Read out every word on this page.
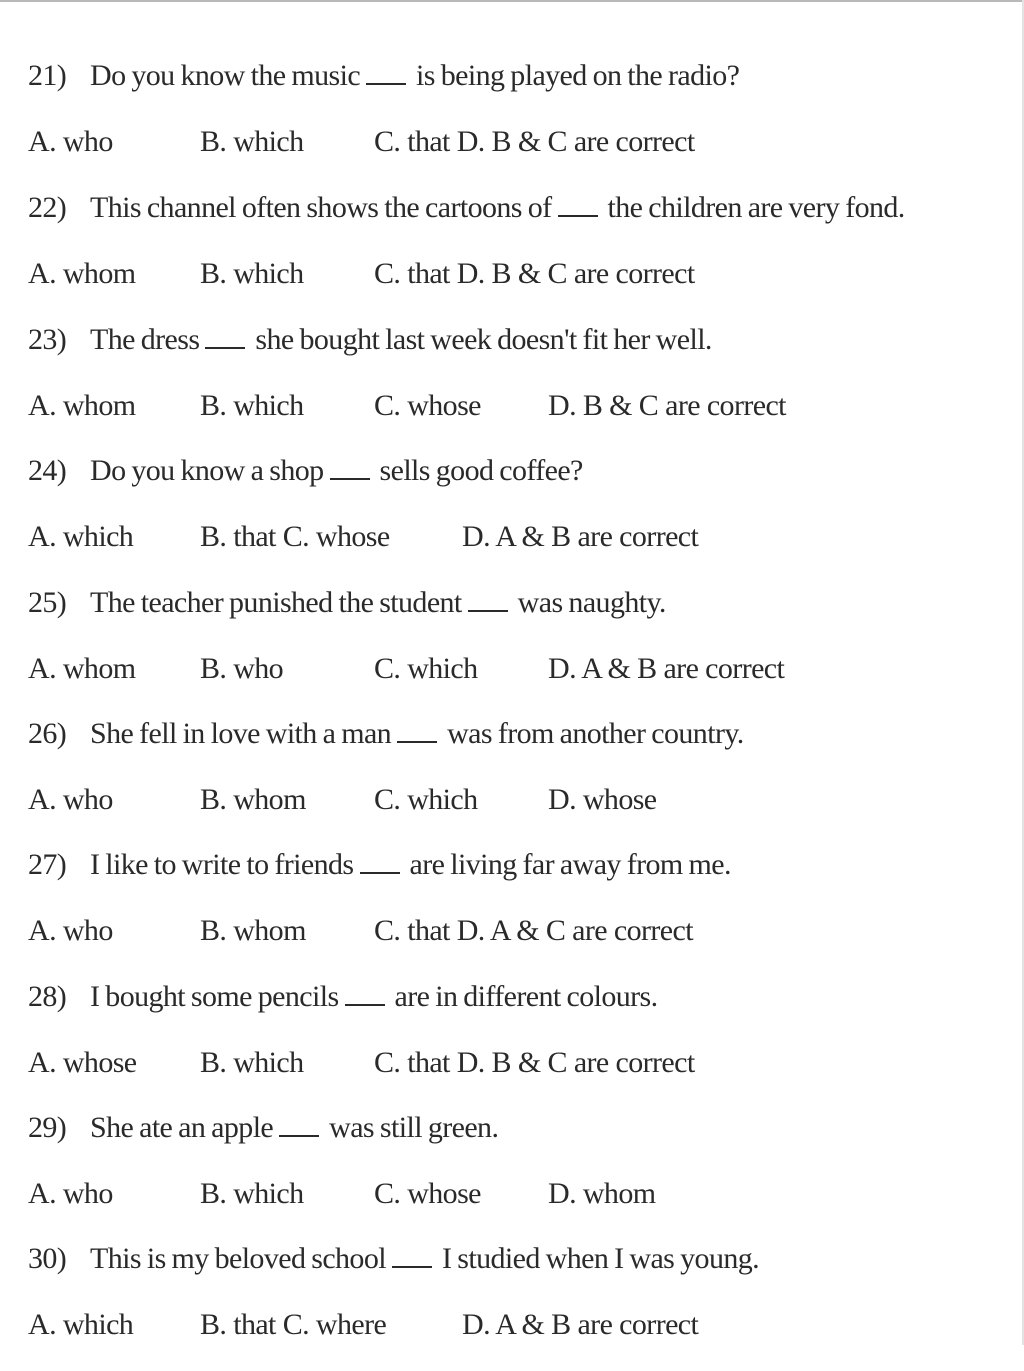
21) Do you know the music is being played on the radio?
A. who	B. which C. that D. B & C are correct
22) This channel often shows the cartoons of the children are very fond.
A. whom B. which C. that D. B & C are correct
23) The dress she bought last week doesn't fit her well.
A. whom B. which C. whose D. B & C are correct
24) Do you know a shop sells good coffee?
A. which B. that C. whose D. A & B are correct
25) The teacher punished the student was naughty.
A. whom B. who	C. which D. A & B are correct
26) She fell in love with a man was from another country.
A. who	B. whom C. which D. whose
27) I like to write to friends are living far away from me.
A. who	B. whom C. that D. A & C are correct
28) I bought some pencils are in different colours.
A. whose B. which C. that D. B & C are correct
29) She ate an apple was still green.
A. who	B. which C. whose D. whom
30) This is my beloved school I studied when I was young.
A. which B. that C. where	D. A & B are correct
